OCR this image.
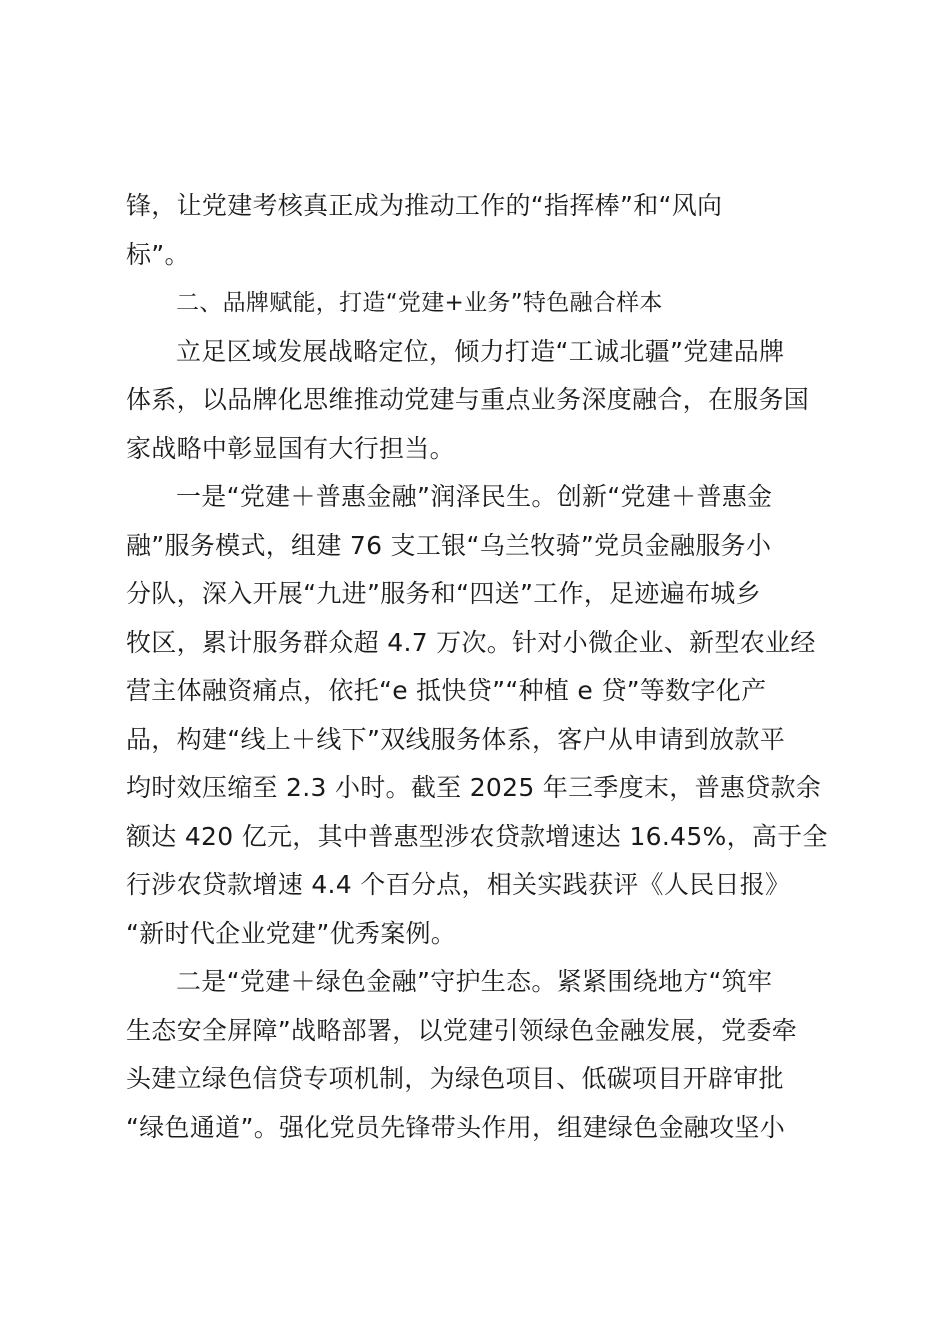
锋，让党建考核真正成为推动工作的“指挥棒”和“风向
标”。
二、品牌赋能，打造“党建+业务”特色融合样本
立足区域发展战略定位，倾力打造“工诚北疆”党建品牌
体系，以品牌化思维推动党建与重点业务深度融合，在服务国
家战略中彰显国有大行担当。
一是“党建＋普惠金融”润泽民生。创新“党建＋普惠金
融”服务模式，组建 76 支工银“乌兰牧骑”党员金融服务小
分队，深入开展“九进”服务和“四送”工作，足迹遍布城乡
牧区，累计服务群众超 4.7 万次。针对小微企业、新型农业经
营主体融资痛点，依托“e 抵快贷”“种植 e 贷”等数字化产
品，构建“线上＋线下”双线服务体系，客户从申请到放款平
均时效压缩至 2.3 小时。截至 2025 年三季度末，普惠贷款余
额达 420 亿元，其中普惠型涉农贷款增速达 16.45%，高于全
行涉农贷款增速 4.4 个百分点，相关实践获评《人民日报》
“新时代企业党建”优秀案例。
二是“党建＋绿色金融”守护生态。紧紧围绕地方“筑牢
生态安全屏障”战略部署，以党建引领绿色金融发展，党委牵
头建立绿色信贷专项机制，为绿色项目、低碳项目开辟审批
“绿色通道”。强化党员先锋带头作用，组建绿色金融攻坚小
